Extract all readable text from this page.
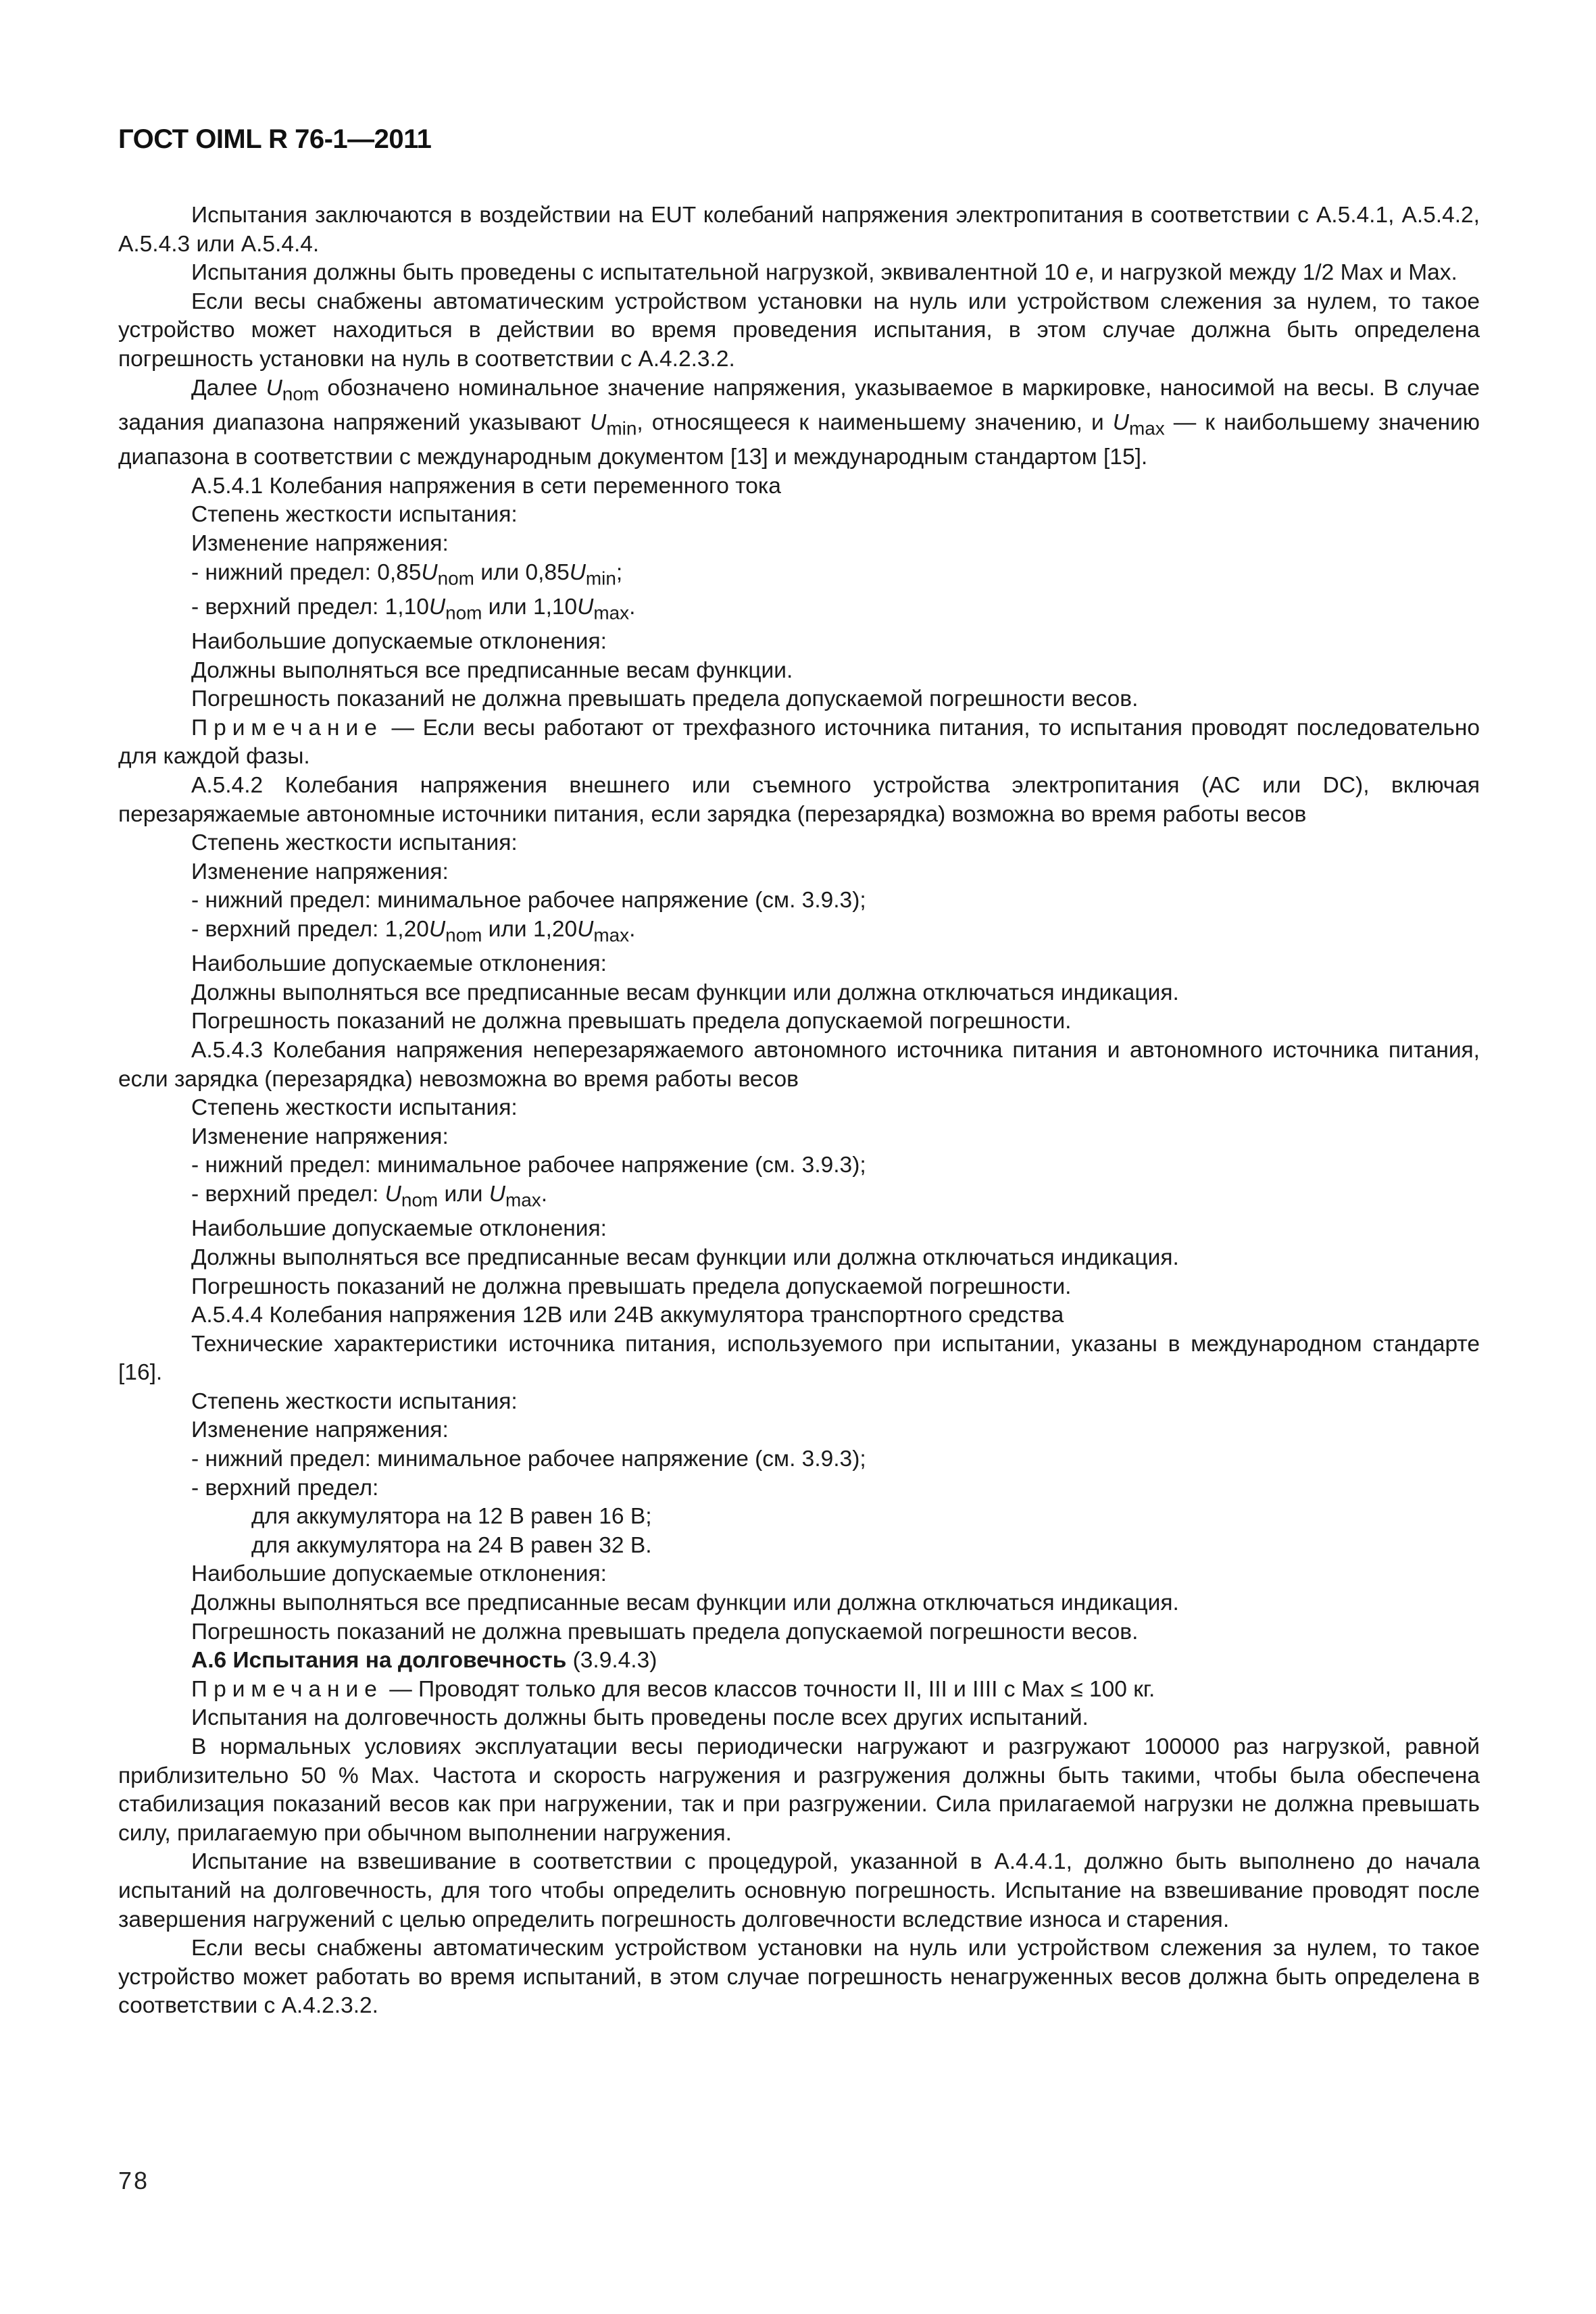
ГОСТ OIML R 76-1—2011

Испытания заключаются в воздействии на EUT колебаний напряжения электропитания в соответствии с А.5.4.1, А.5.4.2, А.5.4.3 или А.5.4.4.

Испытания должны быть проведены с испытательной нагрузкой, эквивалентной 10 e, и нагрузкой между 1/2 Max и Max.

Если весы снабжены автоматическим устройством установки на нуль или устройством слежения за нулем, то такое устройство может находиться в действии во время проведения испытания, в этом случае должна быть определена погрешность установки на нуль в соответствии с А.4.2.3.2.

Далее $U_{nom}$ обозначено номинальное значение напряжения, указываемое в маркировке, наносимой на весы. В случае задания диапазона напряжений указывают $U_{min}$, относящееся к наименьшему значению, и $U_{max}$ — к наибольшему значению диапазона в соответствии с международным документом [13] и международным стандартом [15].

А.5.4.1 Колебания напряжения в сети переменного тока

Степень жесткости испытания:

Изменение напряжения:

- нижний предел: $0,85U_{nom}$ или $0,85U_{min}$;

- верхний предел: $1,10U_{nom}$ или $1,10U_{max}$.

Наибольшие допускаемые отклонения:

Должны выполняться все предписанные весам функции.

Погрешность показаний не должна превышать предела допускаемой погрешности весов.

Примечание — Если весы работают от трехфазного источника питания, то испытания проводят последовательно для каждой фазы.

А.5.4.2 Колебания напряжения внешнего или съемного устройства электропитания (AC или DC), включая перезаряжаемые автономные источники питания, если зарядка (перезарядка) возможна во время работы весов

Степень жесткости испытания:

Изменение напряжения:

- нижний предел: минимальное рабочее напряжение (см. 3.9.3);

- верхний предел: $1,20U_{nom}$ или $1,20U_{max}$.

Наибольшие допускаемые отклонения:

Должны выполняться все предписанные весам функции или должна отключаться индикация.

Погрешность показаний не должна превышать предела допускаемой погрешности.

А.5.4.3 Колебания напряжения неперезаряжаемого автономного источника питания и автономного источника питания, если зарядка (перезарядка) невозможна во время работы весов

Степень жесткости испытания:

Изменение напряжения:

- нижний предел: минимальное рабочее напряжение (см. 3.9.3);

- верхний предел: $U_{nom}$ или $U_{max}$.

Наибольшие допускаемые отклонения:

Должны выполняться все предписанные весам функции или должна отключаться индикация.

Погрешность показаний не должна превышать предела допускаемой погрешности.

А.5.4.4 Колебания напряжения 12В или 24В аккумулятора транспортного средства

Технические характеристики источника питания, используемого при испытании, указаны в международном стандарте [16].

Степень жесткости испытания:

Изменение напряжения:

- нижний предел: минимальное рабочее напряжение (см. 3.9.3);

- верхний предел:

для аккумулятора на 12 В равен 16 В;

для аккумулятора на 24 В равен 32 В.

Наибольшие допускаемые отклонения:

Должны выполняться все предписанные весам функции или должна отключаться индикация.

Погрешность показаний не должна превышать предела допускаемой погрешности весов.

А.6 Испытания на долговечность (3.9.4.3)

Примечание — Проводят только для весов классов точности II, III и IIII с Max ≤ 100 кг.

Испытания на долговечность должны быть проведены после всех других испытаний.

В нормальных условиях эксплуатации весы периодически нагружают и разгружают 100000 раз нагрузкой, равной приблизительно 50 % Max. Частота и скорость нагружения и разгружения должны быть такими, чтобы была обеспечена стабилизация показаний весов как при нагружении, так и при разгружении. Сила прилагаемой нагрузки не должна превышать силу, прилагаемую при обычном выполнении нагружения.

Испытание на взвешивание в соответствии с процедурой, указанной в А.4.4.1, должно быть выполнено до начала испытаний на долговечность, для того чтобы определить основную погрешность. Испытание на взвешивание проводят после завершения нагружений с целью определить погрешность долговечности вследствие износа и старения.

Если весы снабжены автоматическим устройством установки на нуль или устройством слежения за нулем, то такое устройство может работать во время испытаний, в этом случае погрешность ненагруженных весов должна быть определена в соответствии с А.4.2.3.2.

78
